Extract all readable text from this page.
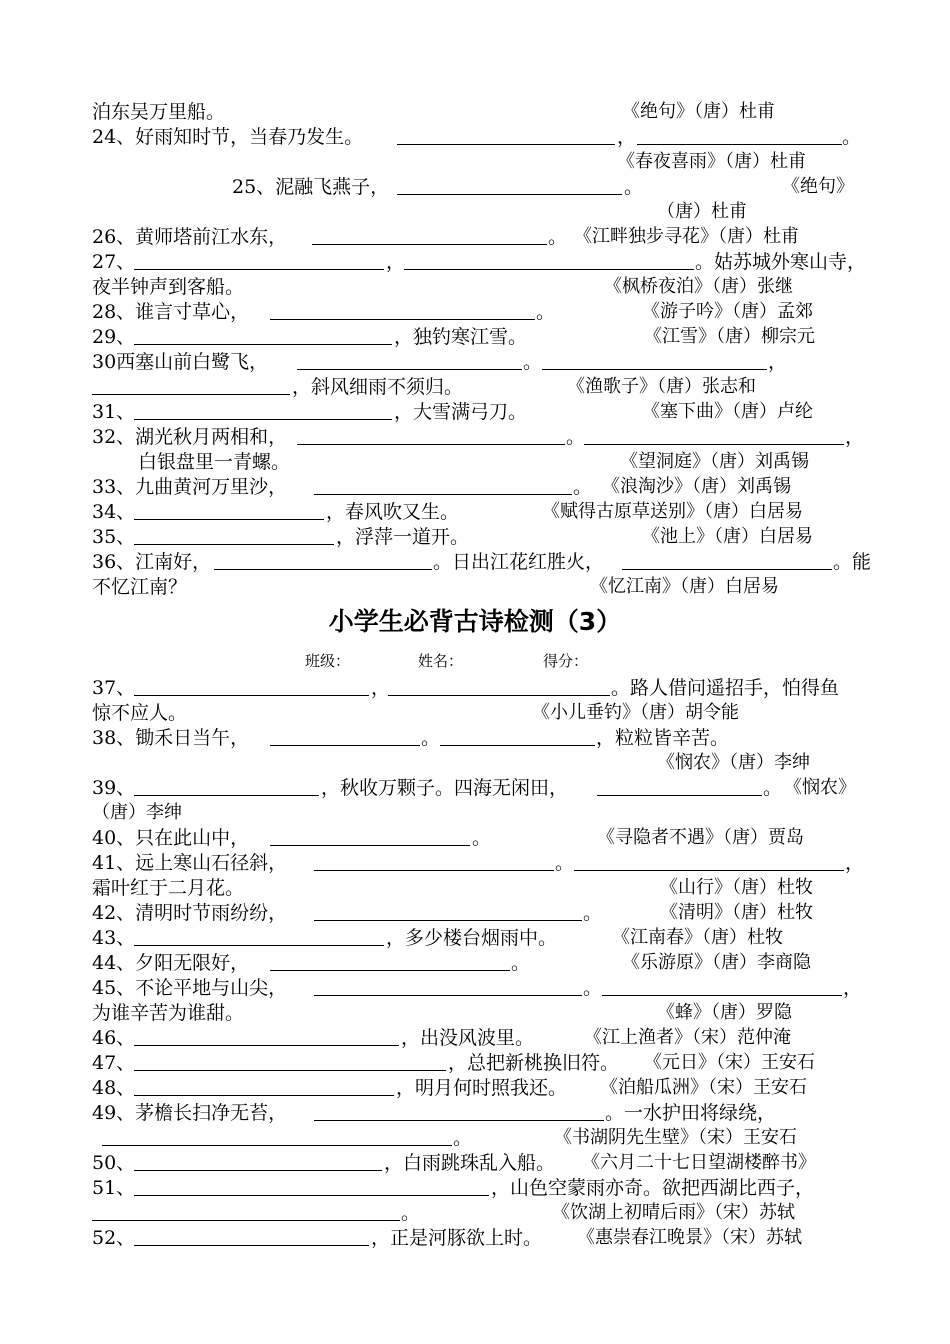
小学生必背古诗检测（3）
班级：	姓名：	得分：
泊东吴万里船。	《绝句》（唐）杜甫
24、好雨知时节，当春乃发生。	，	。
《春夜喜雨》（唐）杜甫
25、泥融飞燕子，	。	《绝句》
（唐）杜甫
26、黄师塔前江水东，	。 《江畔独步寻花》（唐）杜甫
27、	，	。姑苏城外寒山寺，
夜半钟声到客船。	《枫桥夜泊》（唐）张继
28、谁言寸草心，	。	《游子吟》（唐）孟郊
29、	，独钓寒江雪。	《江雪》（唐）柳宗元
30西塞山前白鹭飞，	。	，
，斜风细雨不须归。	《渔歌子》（唐）张志和
31、	，大雪满弓刀。	《塞下曲》（唐）卢纶
32、湖光秋月两相和，	。	，
白银盘里一青螺。	《望洞庭》（唐）刘禹锡
33、九曲黄河万里沙，	。 《浪淘沙》（唐）刘禹锡
34、	，春风吹又生。	《赋得古原草送别》（唐）白居易
35、	，浮萍一道开。	《池上》（唐）白居易
36、江南好，	。日出江花红胜火，	。能
不忆江南？	《忆江南》（唐）白居易
37、	，	。路人借问遥招手，怕得鱼
惊不应人。	《小儿垂钓》（唐）胡令能
38、锄禾日当午，	。	，粒粒皆辛苦。
《悯农》（唐）李绅
39、	，秋收万颗子。四海无闲田，	。 《悯农》
（唐）李绅
40、只在此山中，	。	《寻隐者不遇》（唐）贾岛
41、远上寒山石径斜，	。	，
霜叶红于二月花。	《山行》（唐）杜牧
42、清明时节雨纷纷，	。	《清明》（唐）杜牧
43、	，多少楼台烟雨中。	《江南春》（唐）杜牧
44、夕阳无限好，	。	《乐游原》（唐）李商隐
45、不论平地与山尖，	。	，
为谁辛苦为谁甜。	《蜂》（唐）罗隐
46、	，出没风波里。	《江上渔者》（宋）范仲淹
47、	，总把新桃换旧符。 《元日》（宋）王安石
48、	，明月何时照我还。 《泊船瓜洲》（宋）王安石
49、茅檐长扫净无苔，	。一水护田将绿绕，
。	《书湖阴先生壁》（宋）王安石
50、	，白雨跳珠乱入船。 《六月二十七日望湖楼醉书》
51、	，山色空蒙雨亦奇。欲把西湖比西子，
。	《饮湖上初晴后雨》（宋）苏轼
52、	，正是河豚欲上时。 《惠崇春江晚景》（宋）苏轼
